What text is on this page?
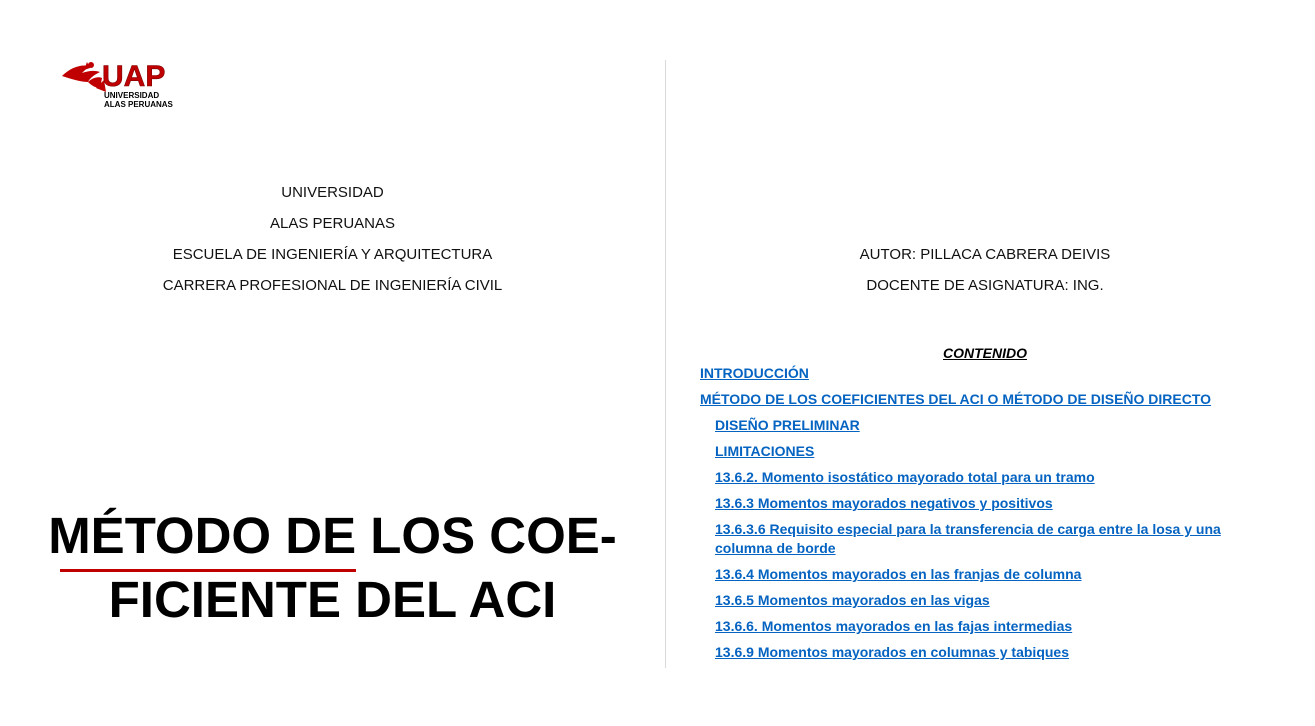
UAP
UNIVERSIDAD
ALAS PERUANAS
UNIVERSIDAD
ALAS PERUANAS
ESCUELA DE INGENIERÍA Y ARQUITECTURA
CARRERA PROFESIONAL DE INGENIERÍA CIVIL
MÉTODO DE LOS COE-
FICIENTE DEL ACI
AUTOR: PILLACA CABRERA DEIVIS
DOCENTE DE ASIGNATURA: ING.
CONTENIDO
INTRODUCCIÓN
MÉTODO DE LOS COEFICIENTES DEL ACI O MÉTODO DE DISEÑO DIRECTO
DISEÑO PRELIMINAR
LIMITACIONES
13.6.2. Momento isostático mayorado total para un tramo
13.6.3 Momentos mayorados negativos y positivos
13.6.3.6 Requisito especial para la transferencia de carga entre la losa y una columna de borde
13.6.4 Momentos mayorados en las franjas de columna
13.6.5 Momentos mayorados en las vigas
13.6.6. Momentos mayorados en las fajas intermedias
13.6.9 Momentos mayorados en columnas y tabiques
